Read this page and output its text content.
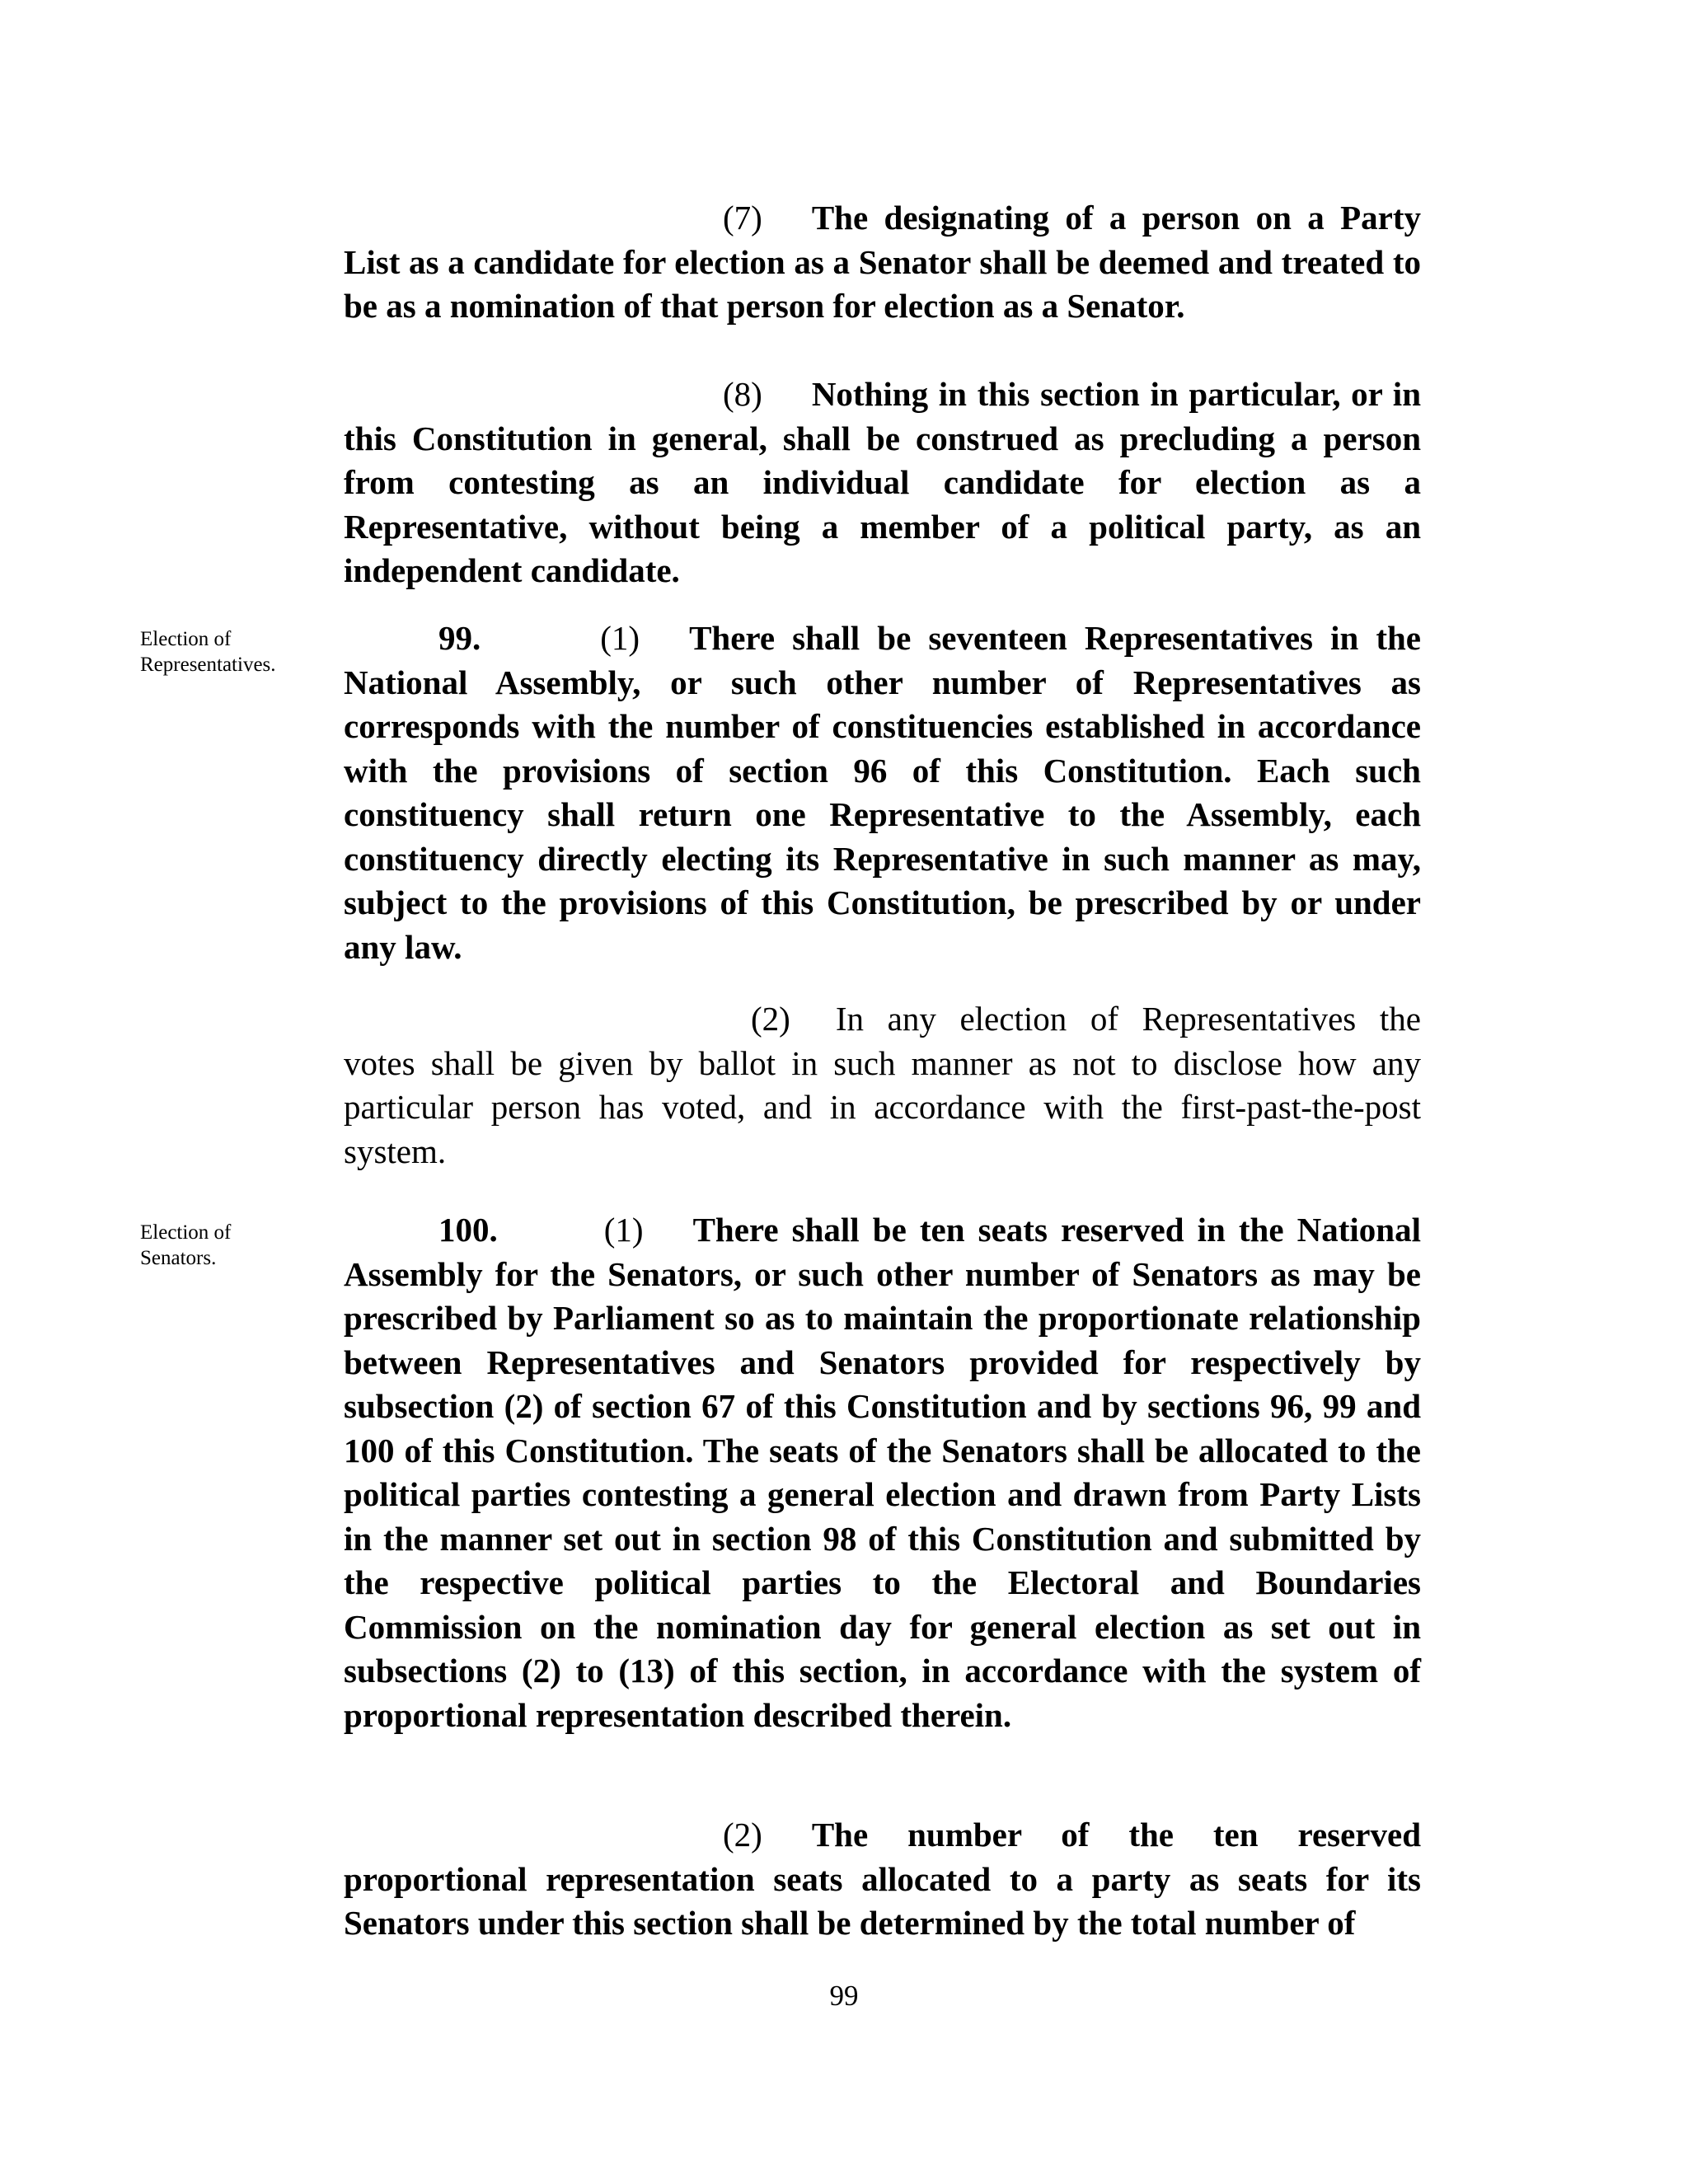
(7) The designating of a person on a Party List as a candidate for election as a Senator shall be deemed and treated to be as a nomination of that person for election as a Senator.

(8) Nothing in this section in particular, or in this Constitution in general, shall be construed as precluding a person from contesting as an individual candidate for election as a Representative, without being a member of a political party, as an independent candidate.

Election of Representatives.

99.	(1) There shall be seventeen Representatives in the National Assembly, or such other number of Representatives as corresponds with the number of constituencies established in accordance with the provisions of section 96 of this Constitution. Each such constituency shall return one Representative to the Assembly, each constituency directly electing its Representative in such manner as may, subject to the provisions of this Constitution, be prescribed by or under any law.

(2) In any election of Representatives the votes shall be given by ballot in such manner as not to disclose how any particular person has voted, and in accordance with the first-past-the-post system.

Election of Senators.

100.	(1) There shall be ten seats reserved in the National Assembly for the Senators, or such other number of Senators as may be prescribed by Parliament so as to maintain the proportionate relationship between Representatives and Senators provided for respectively by subsection (2) of section 67 of this Constitution and by sections 96, 99 and 100 of this Constitution. The seats of the Senators shall be allocated to the political parties contesting a general election and drawn from Party Lists in the manner set out in section 98 of this Constitution and submitted by the respective political parties to the Electoral and Boundaries Commission on the nomination day for general election as set out in subsections (2) to (13) of this section, in accordance with the system of proportional representation described therein.

(2) The number of the ten reserved proportional representation seats allocated to a party as seats for its Senators under this section shall be determined by the total number of

99
